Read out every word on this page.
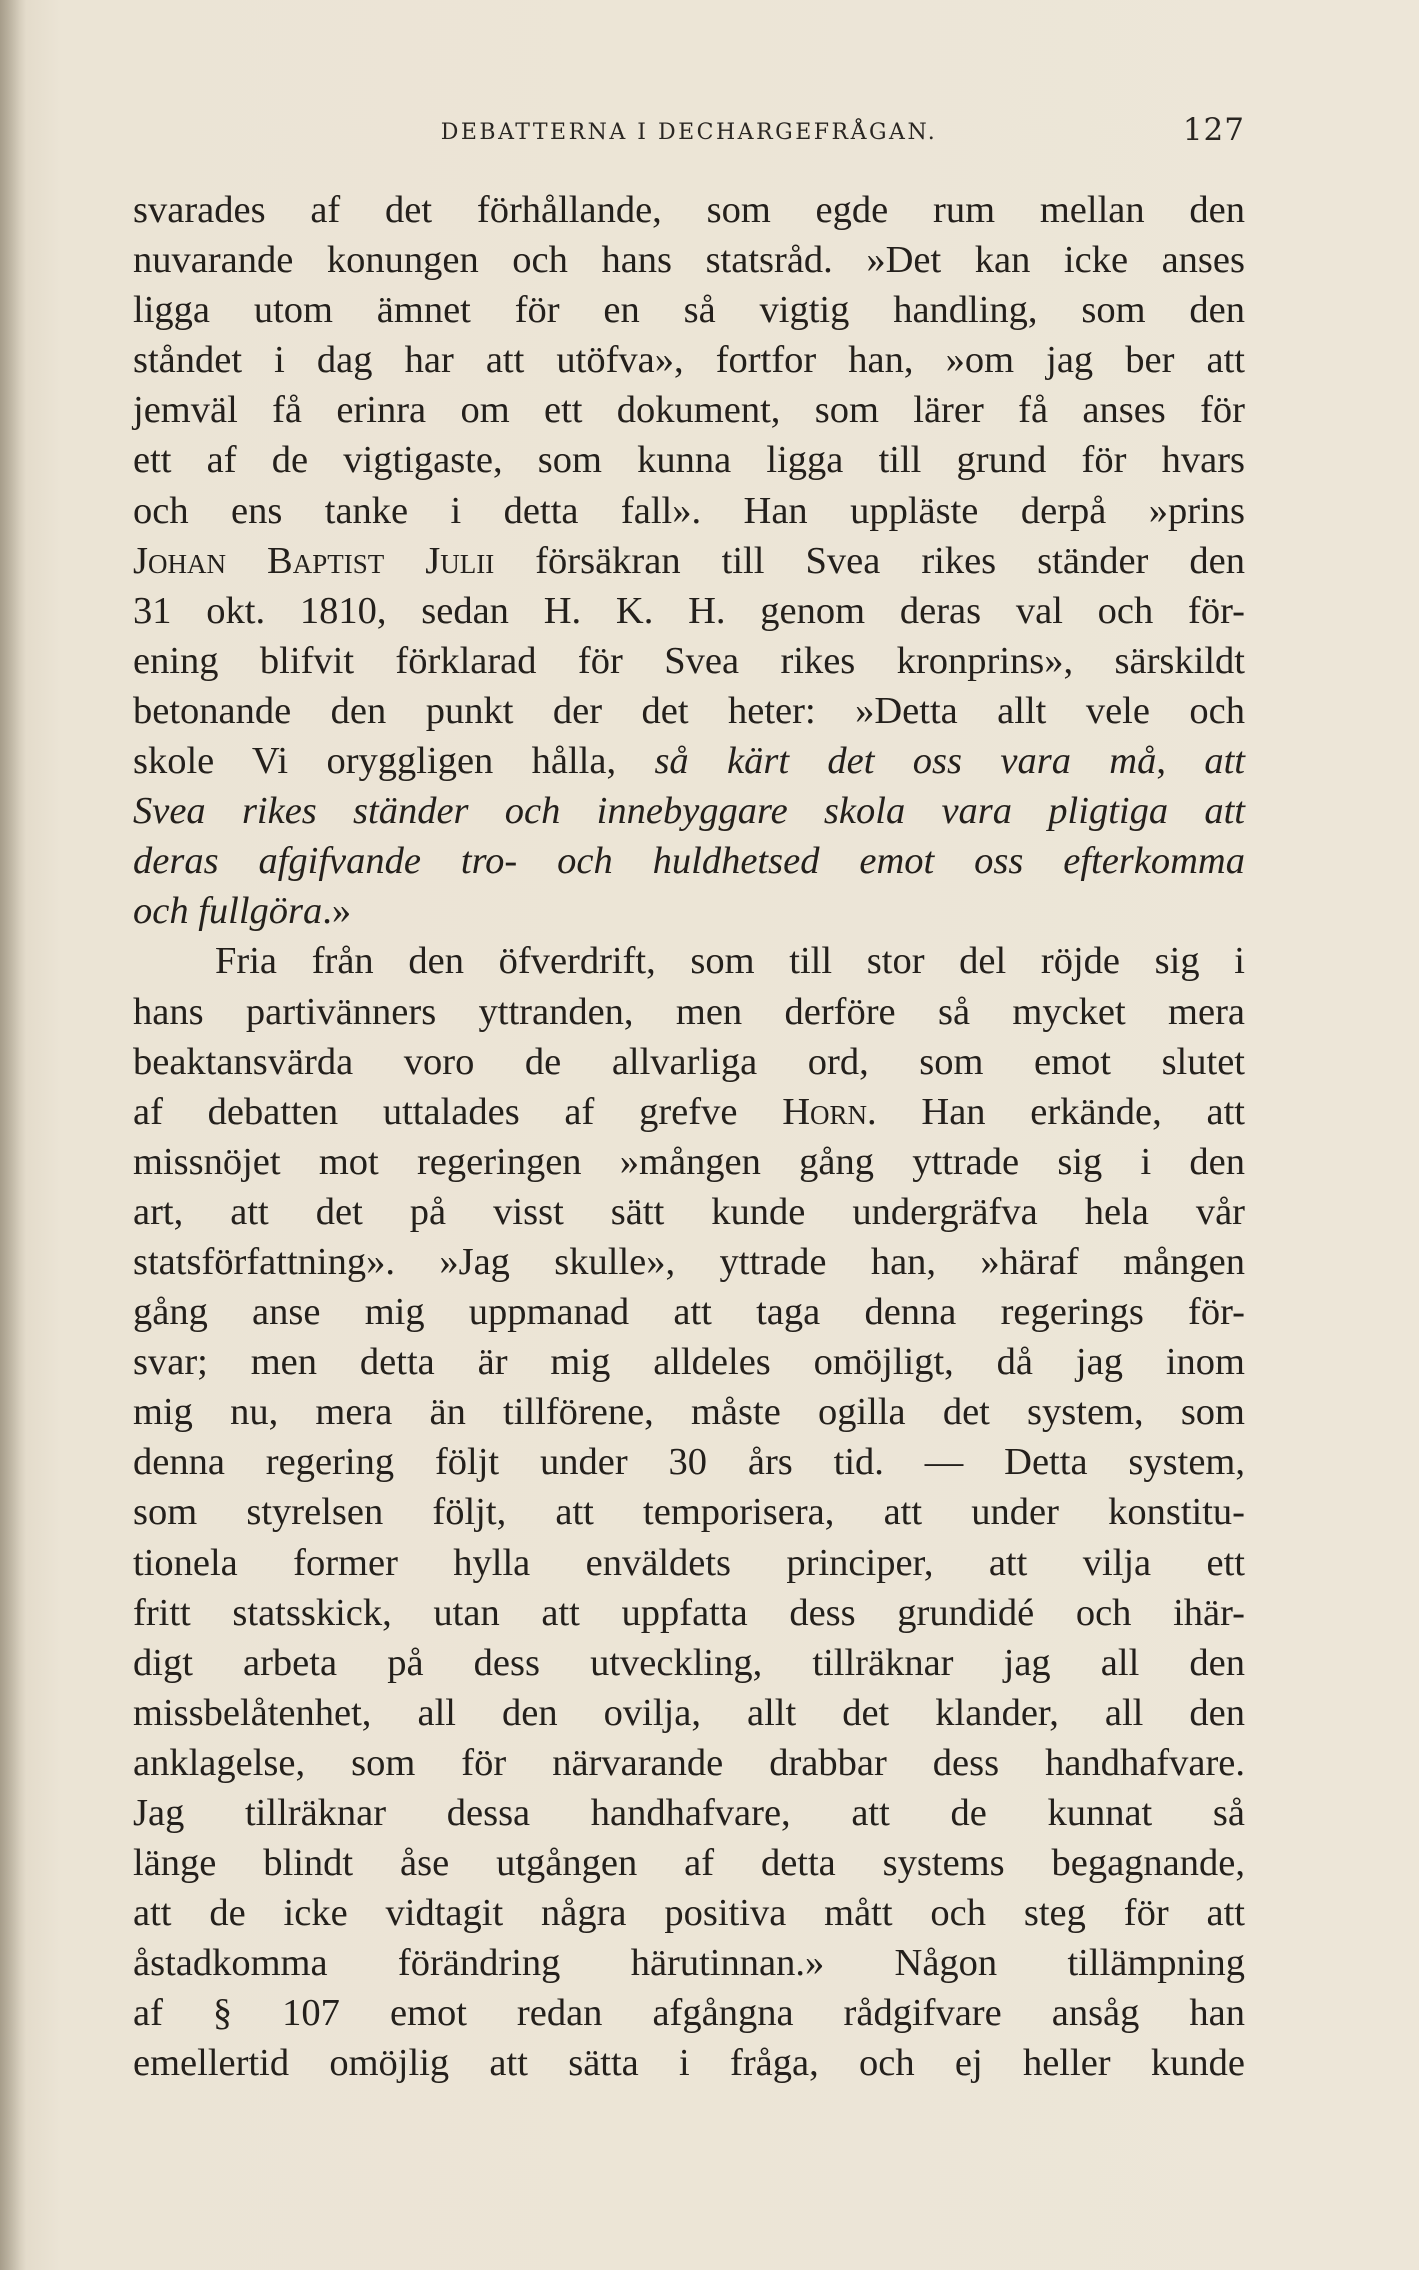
DEBATTERNA I DECHARGEFRÅGAN.	127
svarades af det förhållande, som egde rum mellan den
nuvarande konungen och hans statsråd. »Det kan icke anses
ligga utom ämnet för en så vigtig handling, som den
ståndet i dag har att utöfva», fortfor han, »om jag ber att
jemväl få erinra om ett dokument, som lärer få anses för
ett af de vigtigaste, som kunna ligga till grund för hvars
och ens tanke i detta fall». Han uppläste derpå »prins
Johan Baptist Julii försäkran till Svea rikes ständer den
31 okt. 1810, sedan H. K. H. genom deras val och för-
ening blifvit förklarad för Svea rikes kronprins», särskildt
betonande den punkt der det heter: »Detta allt vele och
skole Vi oryggligen hålla, så kärt det oss vara må, att
Svea rikes ständer och innebyggare skola vara pligtiga att
deras afgifvande tro- och huldhetsed emot oss efterkomma
och fullgöra.»
Fria från den öfverdrift, som till stor del röjde sig i
hans partivänners yttranden, men derföre så mycket mera
beaktansvärda voro de allvarliga ord, som emot slutet
af debatten uttalades af grefve Horn. Han erkände, att
missnöjet mot regeringen »mången gång yttrade sig i den
art, att det på visst sätt kunde undergräfva hela vår
statsförfattning». »Jag skulle», yttrade han, »häraf mången
gång anse mig uppmanad att taga denna regerings för-
svar; men detta är mig alldeles omöjligt, då jag inom
mig nu, mera än tillförene, måste ogilla det system, som
denna regering följt under 30 års tid. — Detta system,
som styrelsen följt, att temporisera, att under konstitu-
tionela former hylla enväldets principer, att vilja ett
fritt statsskick, utan att uppfatta dess grundidé och ihär-
digt arbeta på dess utveckling, tillräknar jag all den
missbelåtenhet, all den ovilja, allt det klander, all den
anklagelse, som för närvarande drabbar dess handhafvare.
Jag tillräknar dessa handhafvare, att de kunnat så
länge blindt åse utgången af detta systems begagnande,
att de icke vidtagit några positiva mått och steg för att
åstadkomma förändring härutinnan.» Någon tillämpning
af § 107 emot redan afgångna rådgifvare ansåg han
emellertid omöjlig att sätta i fråga, och ej heller kunde
